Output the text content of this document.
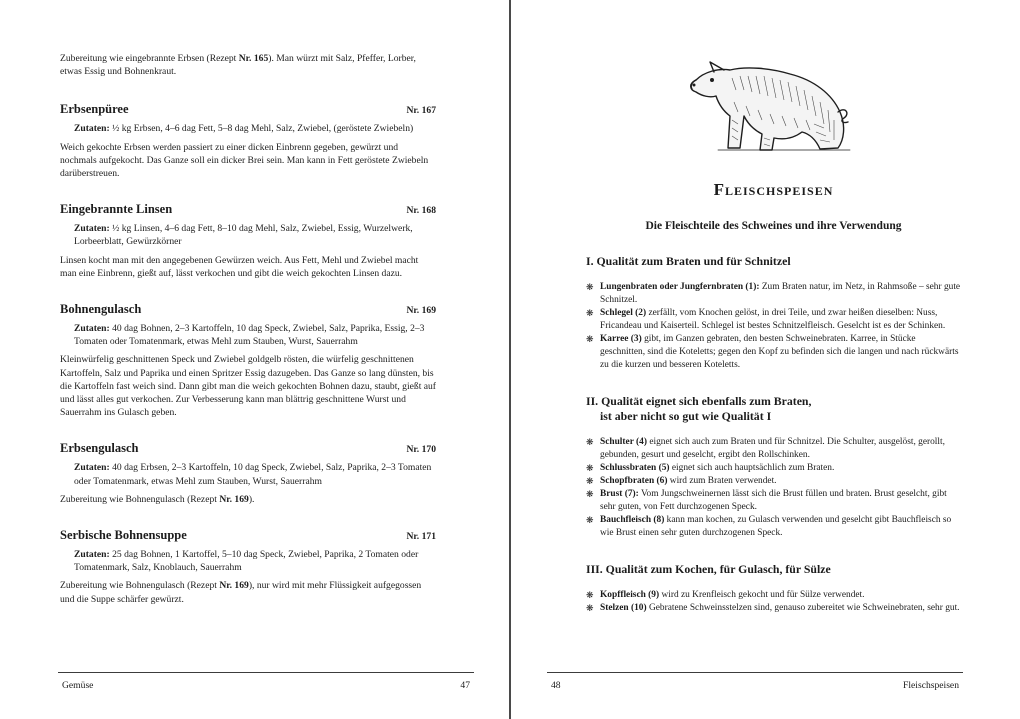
Zubereitung wie eingebrannte Erbsen (Rezept Nr. 165). Man würzt mit Salz, Pfeffer, Lorber, etwas Essig und Bohnenkraut.

Erbsenpüree	Nr. 167

Zutaten: ½ kg Erbsen, 4–6 dag Fett, 5–8 dag Mehl, Salz, Zwiebel, (geröstete Zwiebeln)

Weich gekochte Erbsen werden passiert zu einer dicken Einbrenn gegeben, gewürzt und nochmals aufgekocht. Das Ganze soll ein dicker Brei sein. Man kann in Fett geröstete Zwiebeln darüberstreuen.

Eingebrannte Linsen	Nr. 168

Zutaten: ½ kg Linsen, 4–6 dag Fett, 8–10 dag Mehl, Salz, Zwiebel, Essig, Wurzelwerk, Lorbeerblatt, Gewürzkörner

Linsen kocht man mit den angegebenen Gewürzen weich. Aus Fett, Mehl und Zwiebel macht man eine Einbrenn, gießt auf, lässt verkochen und gibt die weich gekochten Linsen dazu.

Bohnengulasch	Nr. 169

Zutaten: 40 dag Bohnen, 2–3 Kartoffeln, 10 dag Speck, Zwiebel, Salz, Paprika, Essig, 2–3 Tomaten oder Tomatenmark, etwas Mehl zum Stauben, Wurst, Sauerrahm

Kleinwürfelig geschnittenen Speck und Zwiebel goldgelb rösten, die würfelig geschnittenen Kartoffeln, Salz und Paprika und einen Spritzer Essig dazugeben. Das Ganze so lang dünsten, bis die Kartoffeln fast weich sind. Dann gibt man die weich gekochten Bohnen dazu, staubt, gießt auf und lässt alles gut verkochen. Zur Verbesserung kann man blättrig geschnittene Wurst und Sauerrahm ins Gulasch geben.

Erbsengulasch	Nr. 170

Zutaten: 40 dag Erbsen, 2–3 Kartoffeln, 10 dag Speck, Zwiebel, Salz, Paprika, 2–3 Tomaten oder Tomatenmark, etwas Mehl zum Stauben, Wurst, Sauerrahm

Zubereitung wie Bohnengulasch (Rezept Nr. 169).

Serbische Bohnensuppe	Nr. 171

Zutaten: 25 dag Bohnen, 1 Kartoffel, 5–10 dag Speck, Zwiebel, Paprika, 2 Tomaten oder Tomatenmark, Salz, Knoblauch, Sauerrahm

Zubereitung wie Bohnengulasch (Rezept Nr. 169), nur wird mit mehr Flüssigkeit aufgegossen und die Suppe schärfer gewürzt.

Gemüse	47
Fleischspeisen
Die Fleischteile des Schweines und ihre Verwendung
I. Qualität zum Braten und für Schnitzel
❋ Lungenbraten oder Jungfernbraten (1): Zum Braten natur, im Netz, in Rahmsoße – sehr gute Schnitzel.
❋ Schlegel (2) zerfällt, vom Knochen gelöst, in drei Teile, und zwar heißen dieselben: Nuss, Fricandeau und Kaiserteil. Schlegel ist bestes Schnitzelfleisch. Geselcht ist es der Schinken.
❋ Karree (3) gibt, im Ganzen gebraten, den besten Schweinebraten. Karree, in Stücke geschnitten, sind die Koteletts; gegen den Kopf zu befinden sich die langen und nach rückwärts zu die kurzen und besseren Koteletts.
II. Qualität eignet sich ebenfalls zum Braten,
ist aber nicht so gut wie Qualität I
❋ Schulter (4) eignet sich auch zum Braten und für Schnitzel. Die Schulter, ausgelöst, gerollt, gebunden, gesurt und geselcht, ergibt den Rollschinken.
❋ Schlussbraten (5) eignet sich auch hauptsächlich zum Braten.
❋ Schopfbraten (6) wird zum Braten verwendet.
❋ Brust (7): Vom Jungschweinernen lässt sich die Brust füllen und braten. Brust geselcht, gibt sehr guten, von Fett durchzogenen Speck.
❋ Bauchfleisch (8) kann man kochen, zu Gulasch verwenden und geselcht gibt Bauchfleisch so wie Brust einen sehr guten durchzogenen Speck.
III. Qualität zum Kochen, für Gulasch, für Sülze
❋ Kopffleisch (9) wird zu Krenfleisch gekocht und für Sülze verwendet.
❋ Stelzen (10) Gebratene Schweinsstelzen sind, genauso zubereitet wie Schweinebraten, sehr gut.
48	Fleischspeisen
